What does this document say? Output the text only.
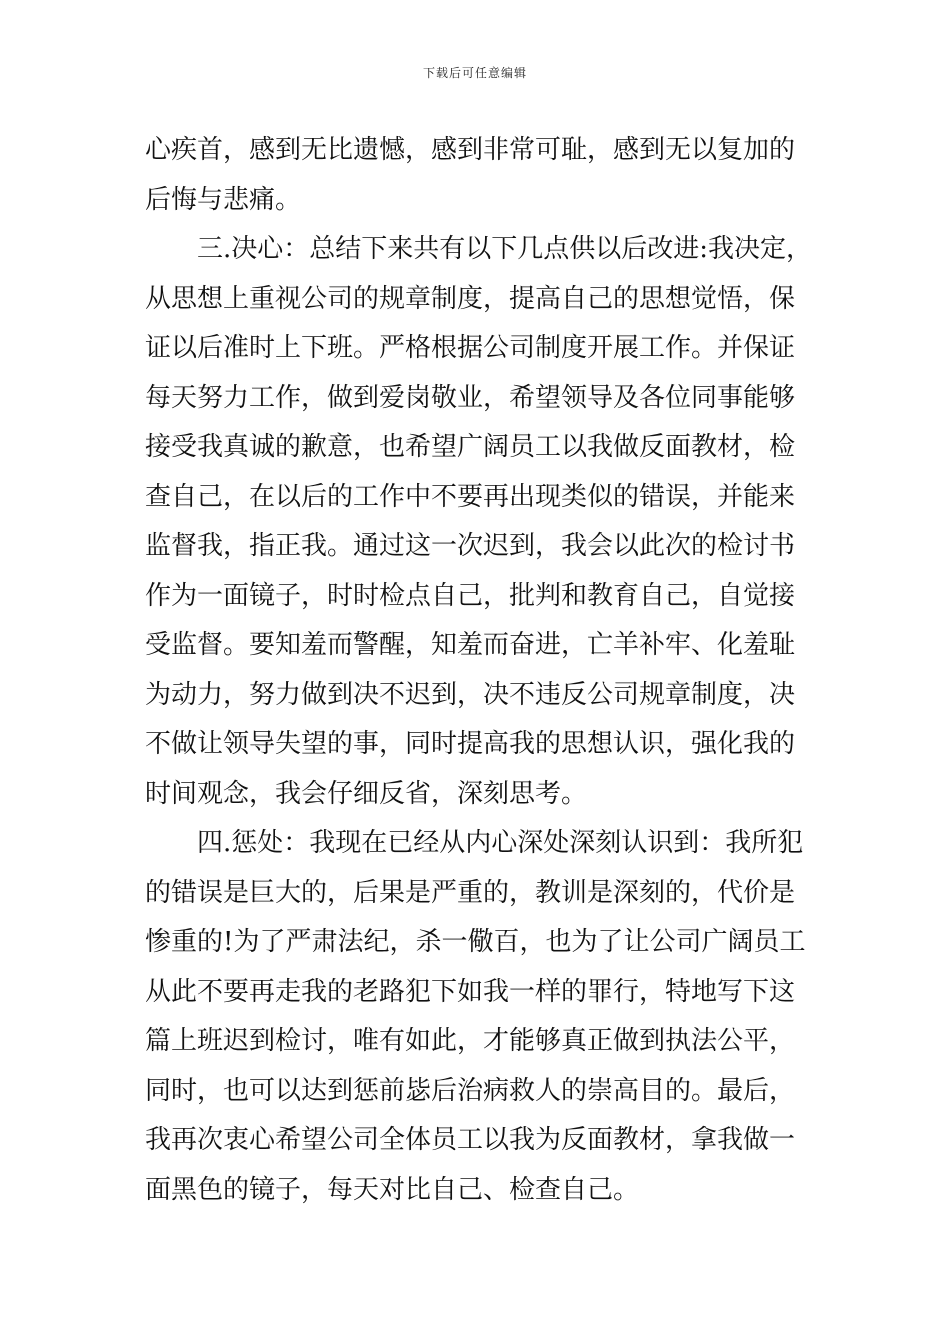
下载后可任意编辑
心疾首，感到无比遗憾，感到非常可耻，感到无以复加的
后悔与悲痛。
三.决心：总结下来共有以下几点供以后改进:我决定，
从思想上重视公司的规章制度，提高自己的思想觉悟，保
证以后准时上下班。严格根据公司制度开展工作。并保证
每天努力工作，做到爱岗敬业，希望领导及各位同事能够
接受我真诚的歉意，也希望广阔员工以我做反面教材，检
查自己，在以后的工作中不要再出现类似的错误，并能来
监督我，指正我。通过这一次迟到，我会以此次的检讨书
作为一面镜子，时时检点自己，批判和教育自己，自觉接
受监督。要知羞而警醒，知羞而奋进，亡羊补牢、化羞耻
为动力，努力做到决不迟到，决不违反公司规章制度，决
不做让领导失望的事，同时提高我的思想认识，强化我的
时间观念，我会仔细反省，深刻思考。
四.惩处：我现在已经从内心深处深刻认识到：我所犯
的错误是巨大的，后果是严重的，教训是深刻的，代价是
惨重的!为了严肃法纪，杀一儆百，也为了让公司广阔员工
从此不要再走我的老路犯下如我一样的罪行，特地写下这
篇上班迟到检讨，唯有如此，才能够真正做到执法公平，
同时，也可以达到惩前毖后治病救人的崇高目的。最后，
我再次衷心希望公司全体员工以我为反面教材，拿我做一
面黑色的镜子，每天对比自己、检查自己。
